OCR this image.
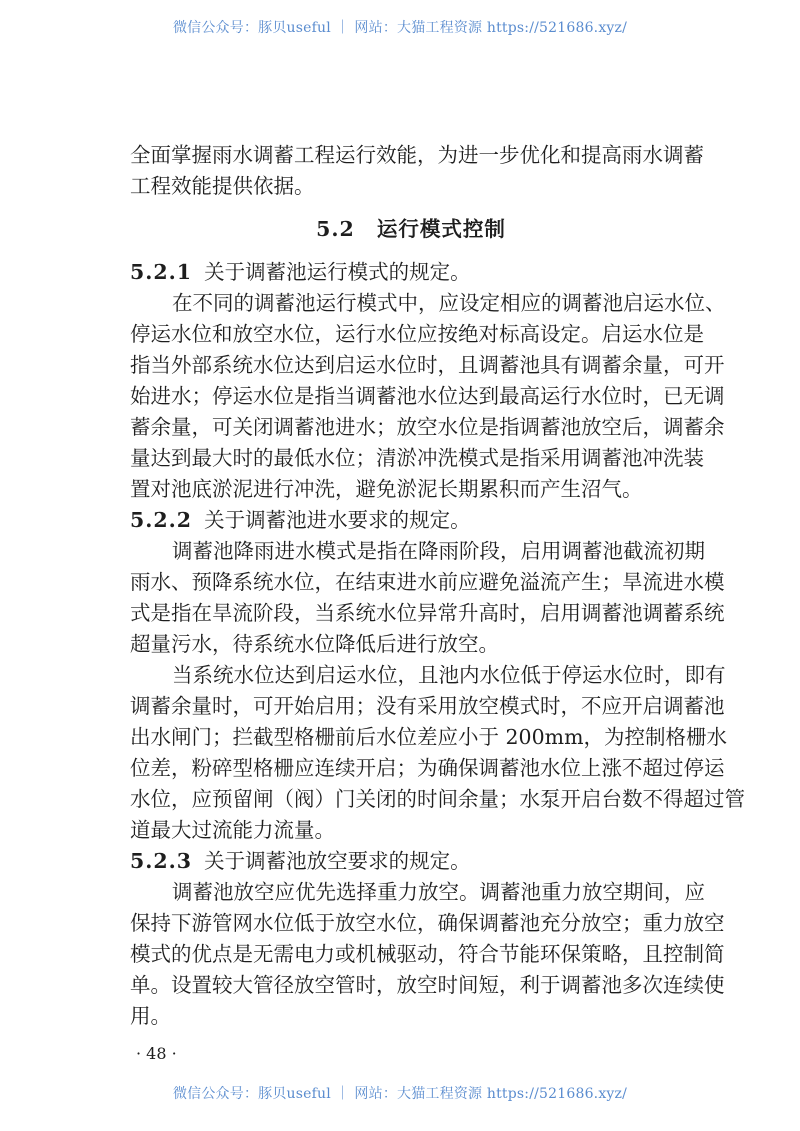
微信公众号：豚贝useful ｜ 网站：大猫工程资源 https://521686.xyz/
全面掌握雨水调蓄工程运行效能，为进一步优化和提高雨水调蓄
工程效能提供依据。
5.2 运行模式控制
5.2.1 关于调蓄池运行模式的规定。
在不同的调蓄池运行模式中，应设定相应的调蓄池启运水位、
停运水位和放空水位，运行水位应按绝对标高设定。启运水位是
指当外部系统水位达到启运水位时，且调蓄池具有调蓄余量，可开
始进水；停运水位是指当调蓄池水位达到最高运行水位时，已无调
蓄余量，可关闭调蓄池进水；放空水位是指调蓄池放空后，调蓄余
量达到最大时的最低水位；清淤冲洗模式是指采用调蓄池冲洗装
置对池底淤泥进行冲洗，避免淤泥长期累积而产生沼气。
5.2.2 关于调蓄池进水要求的规定。
调蓄池降雨进水模式是指在降雨阶段，启用调蓄池截流初期
雨水、预降系统水位，在结束进水前应避免溢流产生；旱流进水模
式是指在旱流阶段，当系统水位异常升高时，启用调蓄池调蓄系统
超量污水，待系统水位降低后进行放空。
当系统水位达到启运水位，且池内水位低于停运水位时，即有
调蓄余量时，可开始启用；没有采用放空模式时，不应开启调蓄池
出水闸门；拦截型格栅前后水位差应小于 200mm，为控制格栅水
位差，粉碎型格栅应连续开启；为确保调蓄池水位上涨不超过停运
水位，应预留闸（阀）门关闭的时间余量；水泵开启台数不得超过管
道最大过流能力流量。
5.2.3 关于调蓄池放空要求的规定。
调蓄池放空应优先选择重力放空。调蓄池重力放空期间，应
保持下游管网水位低于放空水位，确保调蓄池充分放空；重力放空
模式的优点是无需电力或机械驱动，符合节能环保策略，且控制简
单。设置较大管径放空管时，放空时间短，利于调蓄池多次连续使
用。
· 48 ·
微信公众号：豚贝useful ｜ 网站：大猫工程资源 https://521686.xyz/
